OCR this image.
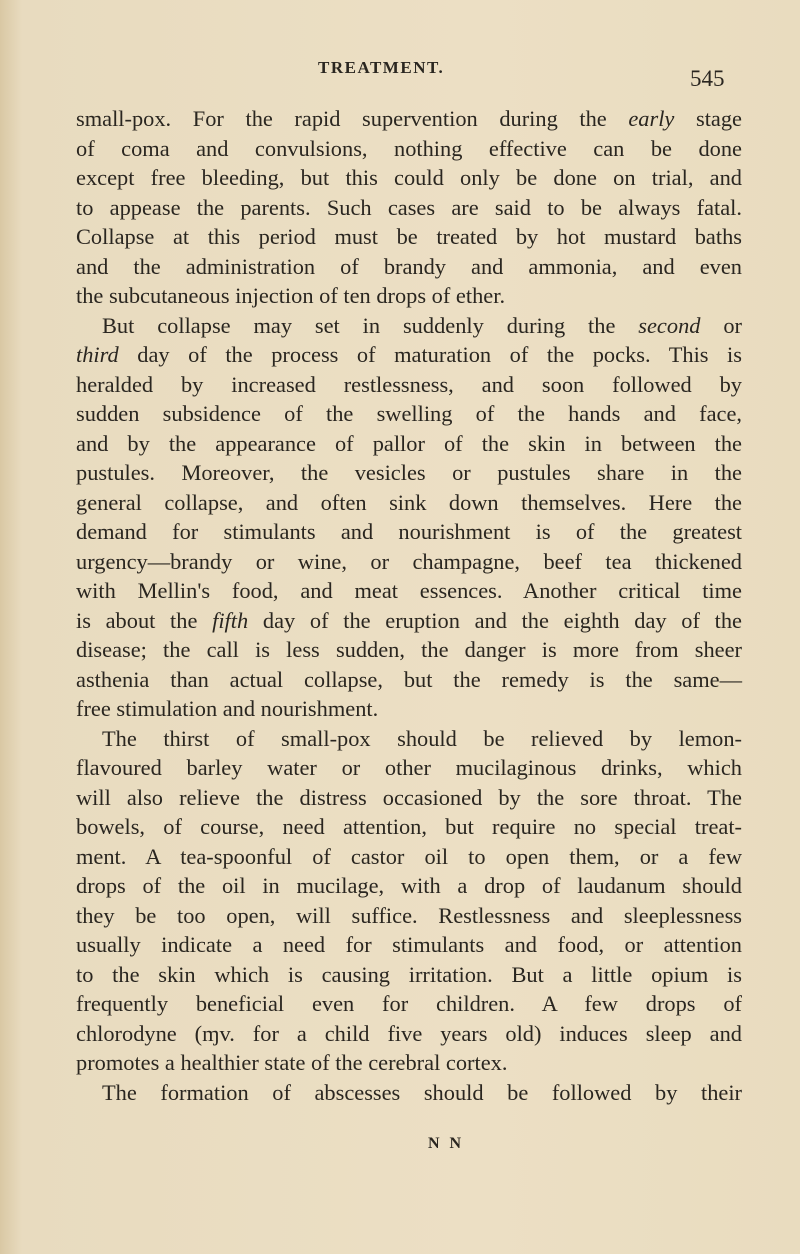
TREATMENT.	545
small-pox. For the rapid supervention during the early stage
of coma and convulsions, nothing effective can be done
except free bleeding, but this could only be done on trial, and
to appease the parents. Such cases are said to be always fatal.
Collapse at this period must be treated by hot mustard baths
and the administration of brandy and ammonia, and even
the subcutaneous injection of ten drops of ether.
But collapse may set in suddenly during the second or
third day of the process of maturation of the pocks. This is
heralded by increased restlessness, and soon followed by
sudden subsidence of the swelling of the hands and face,
and by the appearance of pallor of the skin in between the
pustules. Moreover, the vesicles or pustules share in the
general collapse, and often sink down themselves. Here the
demand for stimulants and nourishment is of the greatest
urgency—brandy or wine, or champagne, beef tea thickened
with Mellin's food, and meat essences. Another critical time
is about the fifth day of the eruption and the eighth day of the
disease; the call is less sudden, the danger is more from sheer
asthenia than actual collapse, but the remedy is the same—
free stimulation and nourishment.
The thirst of small-pox should be relieved by lemon-
flavoured barley water or other mucilaginous drinks, which
will also relieve the distress occasioned by the sore throat. The
bowels, of course, need attention, but require no special treat-
ment. A tea-spoonful of castor oil to open them, or a few
drops of the oil in mucilage, with a drop of laudanum should
they be too open, will suffice. Restlessness and sleeplessness
usually indicate a need for stimulants and food, or attention
to the skin which is causing irritation. But a little opium is
frequently beneficial even for children. A few drops of
chlorodyne (ɱv. for a child five years old) induces sleep and
promotes a healthier state of the cerebral cortex.
The formation of abscesses should be followed by their
N N
